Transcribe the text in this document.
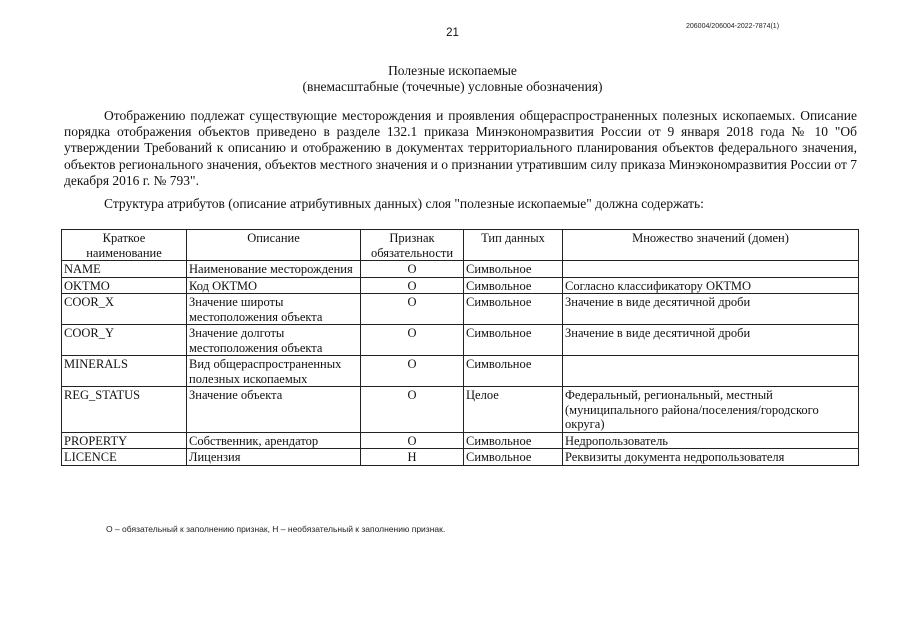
206004/206004-2022-7874(1)
21
Полезные ископаемые
(внемасштабные (точечные) условные обозначения)

Отображению подлежат существующие месторождения и проявления общераспространенных полезных ископаемых. Описание порядка отображения объектов приведено в разделе 132.1 приказа Минэкономразвития России от 9 января 2018 года № 10 "Об утверждении Требований к описанию и отображению в документах территориального планирования объектов федерального значения, объектов регионального значения, объектов местного значения и о признании утратившим силу приказа Минэкономразвития России от 7 декабря 2016 г. № 793".

Структура атрибутов (описание атрибутивных данных) слоя "полезные ископаемые" должна содержать:

Краткое наименование	Описание	Признак обязательности	Тип данных	Множество значений (домен)
NAME	Наименование месторождения	О	Символьное	
OKTMO	Код ОКТМО	О	Символьное	Согласно классификатору ОКТМО
COOR_X	Значение широты местоположения объекта	О	Символьное	Значение в виде десятичной дроби
COOR_Y	Значение долготы местоположения объекта	О	Символьное	Значение в виде десятичной дроби
MINERALS	Вид общераспространенных полезных ископаемых	О	Символьное	
REG_STATUS	Значение объекта	О	Целое	Федеральный, региональный, местный (муниципального района/поселения/городского округа)
PROPERTY	Собственник, арендатор	О	Символьное	Недропользователь
LICENCE	Лицензия	Н	Символьное	Реквизиты документа недропользователя
О – обязательный к заполнению признак, Н – необязательный к заполнению признак.
